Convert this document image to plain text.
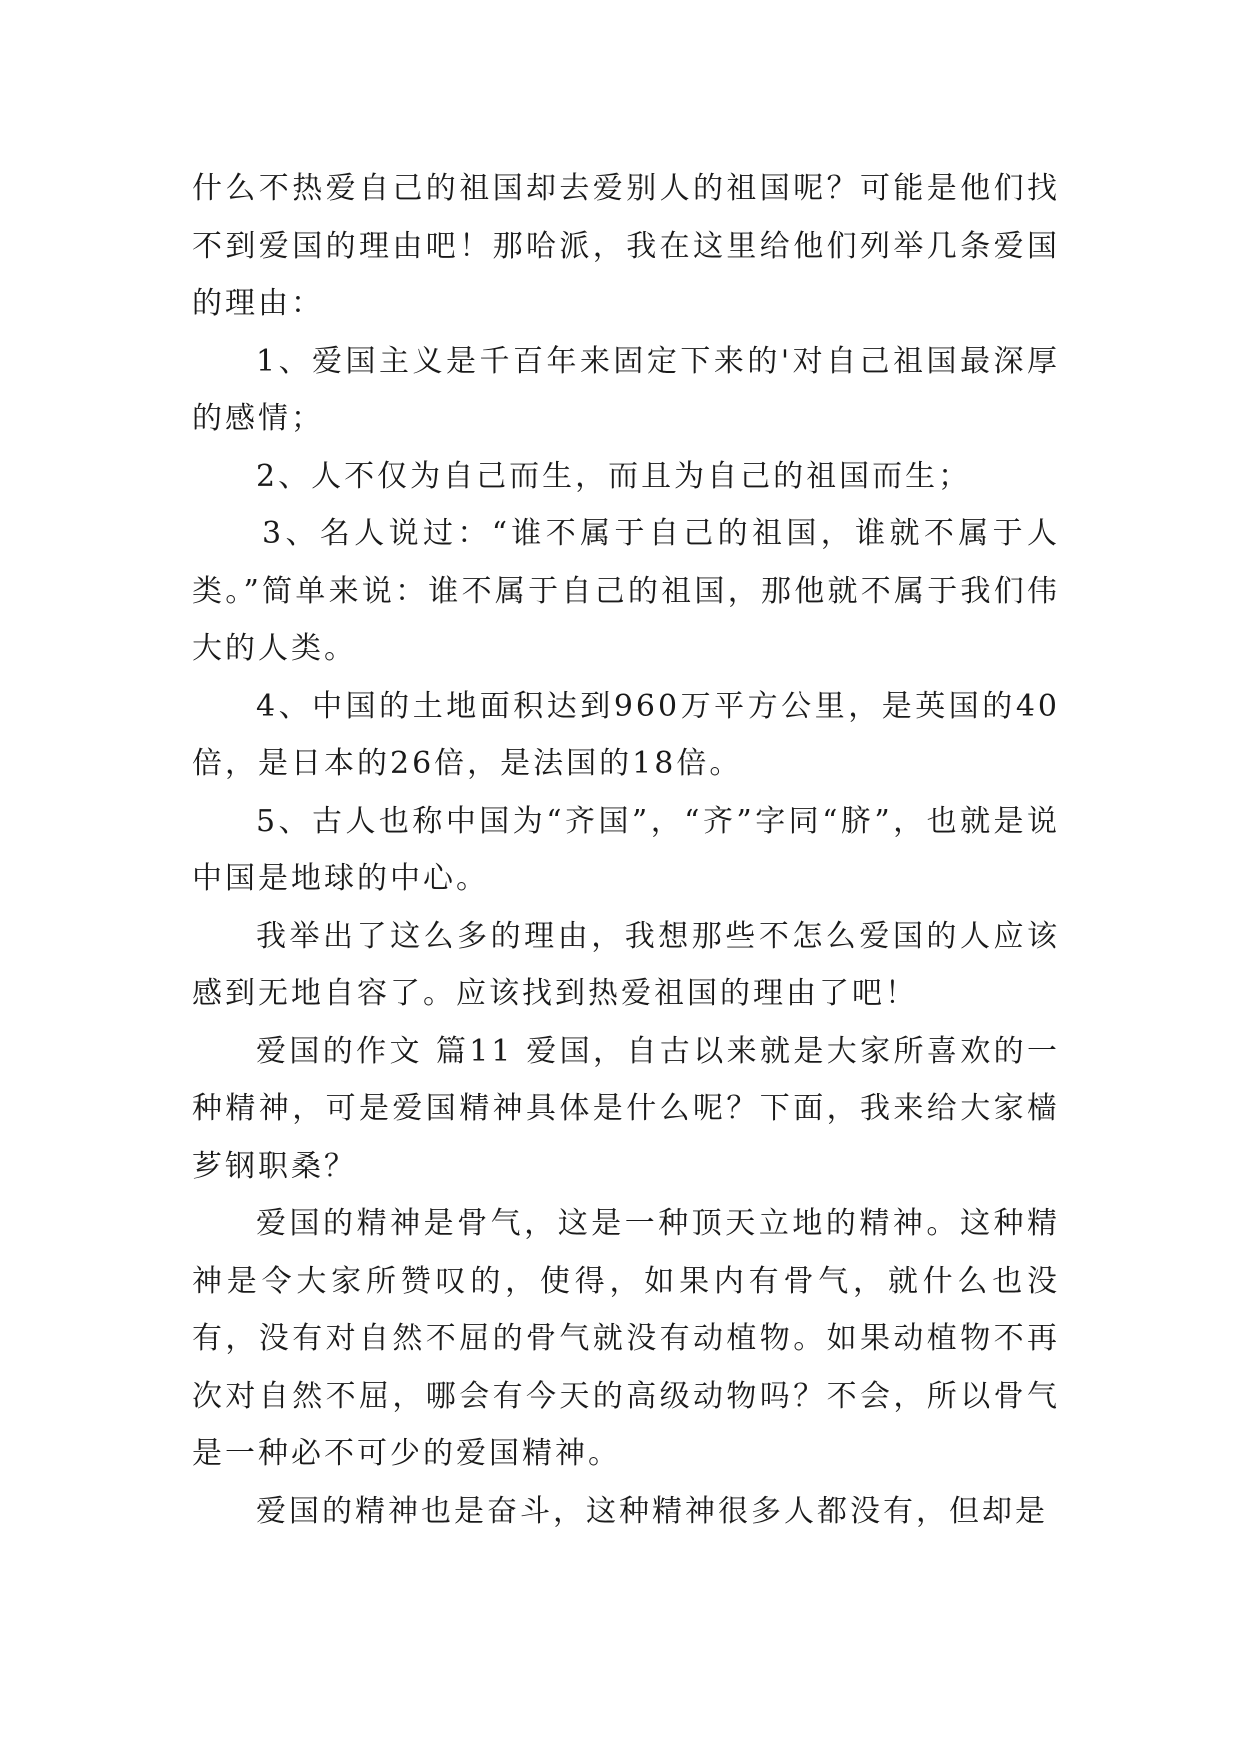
什么不热爱自己的祖国却去爱别人的祖国呢？可能是他们找不到爱国的理由吧！那哈派，我在这里给他们列举几条爱国的理由：

1、爱国主义是千百年来固定下来的'对自己祖国最深厚的感情；

2、人不仅为自己而生，而且为自己的祖国而生；

3、名人说过：“谁不属于自己的祖国，谁就不属于人类。”简单来说：谁不属于自己的祖国，那他就不属于我们伟大的人类。

4、中国的土地面积达到960万平方公里，是英国的40倍，是日本的26倍，是法国的18倍。

5、古人也称中国为“齐国”，“齐”字同“脐”，也就是说中国是地球的中心。

我举出了这么多的理由，我想那些不怎么爱国的人应该感到无地自容了。应该找到热爱祖国的理由了吧！

爱国的作文 篇11 爱国，自古以来就是大家所喜欢的一种精神，可是爱国精神具体是什么呢？下面，我来给大家樯芗钢职桑？

爱国的精神是骨气，这是一种顶天立地的精神。这种精神是令大家所赞叹的，使得，如果内有骨气，就什么也没有，没有对自然不屈的骨气就没有动植物。如果动植物不再次对自然不屈，哪会有今天的高级动物吗？不会，所以骨气是一种必不可少的爱国精神。

爱国的精神也是奋斗，这种精神很多人都没有，但却是
